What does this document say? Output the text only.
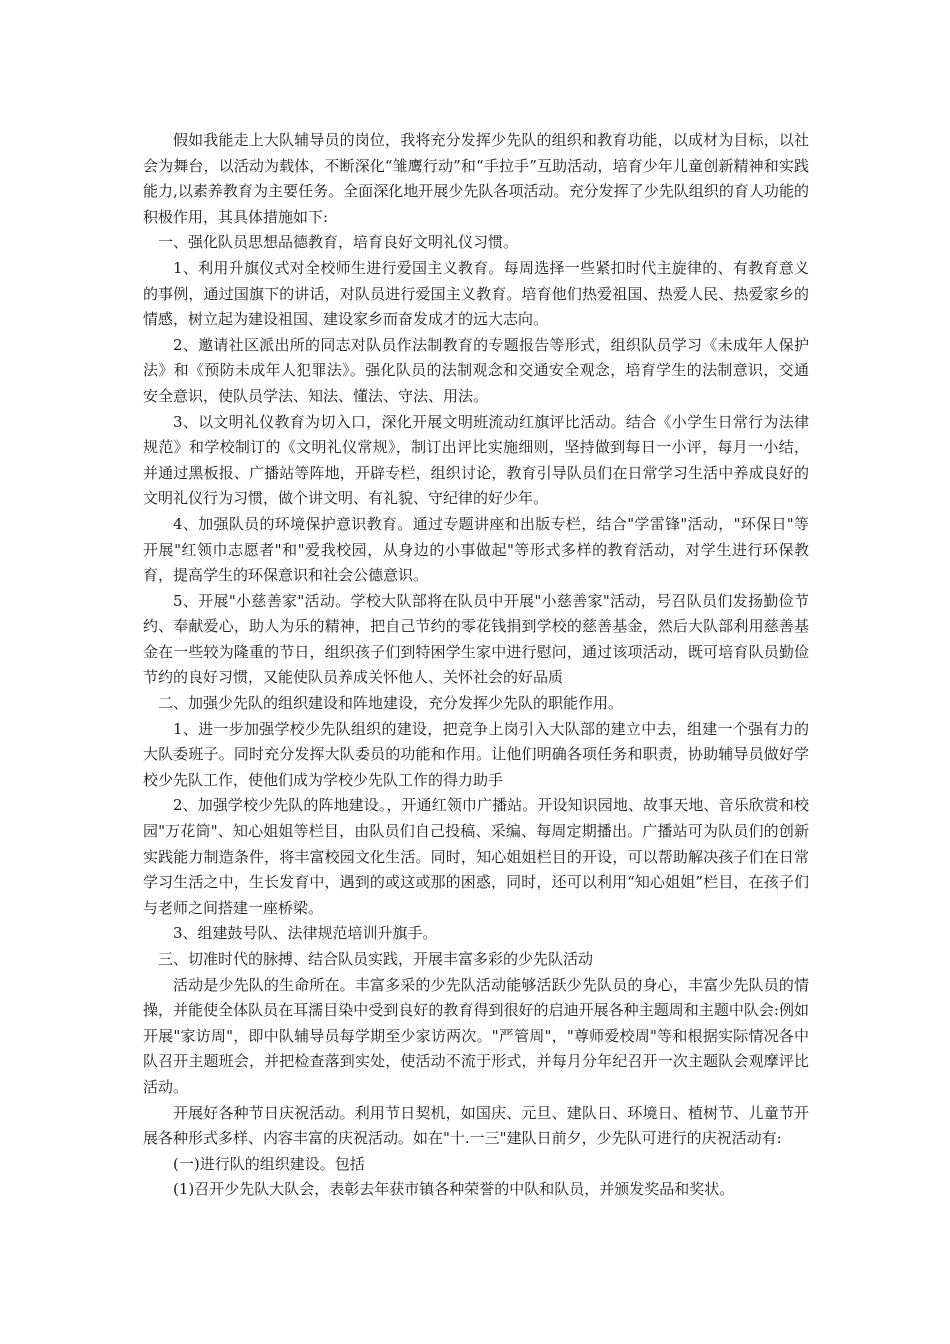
假如我能走上大队辅导员的岗位，我将充分发挥少先队的组织和教育功能，以成材为目标，以社会为舞台，以活动为载体，不断深化“雏鹰行动”和“手拉手”互助活动，培育少年儿童创新精神和实践能力,以素养教育为主要任务。全面深化地开展少先队各项活动。充分发挥了少先队组织的育人功能的积极作用，其具体措施如下:

一、强化队员思想品德教育，培育良好文明礼仪习惯。

1、利用升旗仪式对全校师生进行爱国主义教育。每周选择一些紧扣时代主旋律的、有教育意义的事例，通过国旗下的讲话，对队员进行爱国主义教育。培育他们热爱祖国、热爱人民、热爱家乡的情感，树立起为建设祖国、建设家乡而奋发成才的远大志向。

2、邀请社区派出所的同志对队员作法制教育的专题报告等形式，组织队员学习《未成年人保护法》和《预防未成年人犯罪法》。强化队员的法制观念和交通安全观念，培育学生的法制意识，交通安全意识，使队员学法、知法、懂法、守法、用法。

3、以文明礼仪教育为切入口，深化开展文明班流动红旗评比活动。结合《小学生日常行为法律规范》和学校制订的《文明礼仪常规》，制订出评比实施细则，坚持做到每日一小评，每月一小结，并通过黑板报、广播站等阵地，开辟专栏，组织讨论，教育引导队员们在日常学习生活中养成良好的文明礼仪行为习惯，做个讲文明、有礼貌、守纪律的好少年。

4、加强队员的环境保护意识教育。通过专题讲座和出版专栏，结合"学雷锋"活动，"环保日"等开展"红领巾志愿者"和"爱我校园，从身边的小事做起"等形式多样的教育活动，对学生进行环保教育，提高学生的环保意识和社会公德意识。

5、开展"小慈善家"活动。学校大队部将在队员中开展"小慈善家"活动，号召队员们发扬勤俭节约、奉献爱心，助人为乐的精神，把自己节约的零花钱捐到学校的慈善基金，然后大队部利用慈善基金在一些较为隆重的节日，组织孩子们到特困学生家中进行慰问，通过该项活动，既可培育队员勤俭节约的良好习惯，又能使队员养成关怀他人、关怀社会的好品质

二、加强少先队的组织建设和阵地建设，充分发挥少先队的职能作用。

1、进一步加强学校少先队组织的建设，把竞争上岗引入大队部的建立中去，组建一个强有力的大队委班子。同时充分发挥大队委员的功能和作用。让他们明确各项任务和职责，协助辅导员做好学校少先队工作，使他们成为学校少先队工作的得力助手

2、加强学校少先队的阵地建设。，开通红领巾广播站。开设知识园地、故事天地、音乐欣赏和校园"万花筒"、知心姐姐等栏目，由队员们自己投稿、采编、每周定期播出。广播站可为队员们的创新实践能力制造条件，将丰富校园文化生活。同时，知心姐姐栏目的开设，可以帮助解决孩子们在日常学习生活之中，生长发育中，遇到的或这或那的困惑，同时，还可以利用“知心姐姐”栏目，在孩子们与老师之间搭建一座桥梁。

3、组建鼓号队、法律规范培训升旗手。

三、切准时代的脉搏、结合队员实践，开展丰富多彩的少先队活动

活动是少先队的生命所在。丰富多采的少先队活动能够活跃少先队员的身心，丰富少先队员的情操，并能使全体队员在耳濡目染中受到良好的教育得到很好的启迪开展各种主题周和主题中队会:例如开展"家访周"，即中队辅导员每学期至少家访两次。"严管周"，"尊师爱校周"等和根据实际情况各中队召开主题班会，并把检查落到实处，使活动不流于形式，并每月分年纪召开一次主题队会观摩评比活动。

开展好各种节日庆祝活动。利用节日契机，如国庆、元旦、建队日、环境日、植树节、儿童节开展各种形式多样、内容丰富的庆祝活动。如在"十.一三"建队日前夕，少先队可进行的庆祝活动有:

(一)进行队的组织建设。包括

(1)召开少先队大队会，表彰去年获市镇各种荣誉的中队和队员，并颁发奖品和奖状。
